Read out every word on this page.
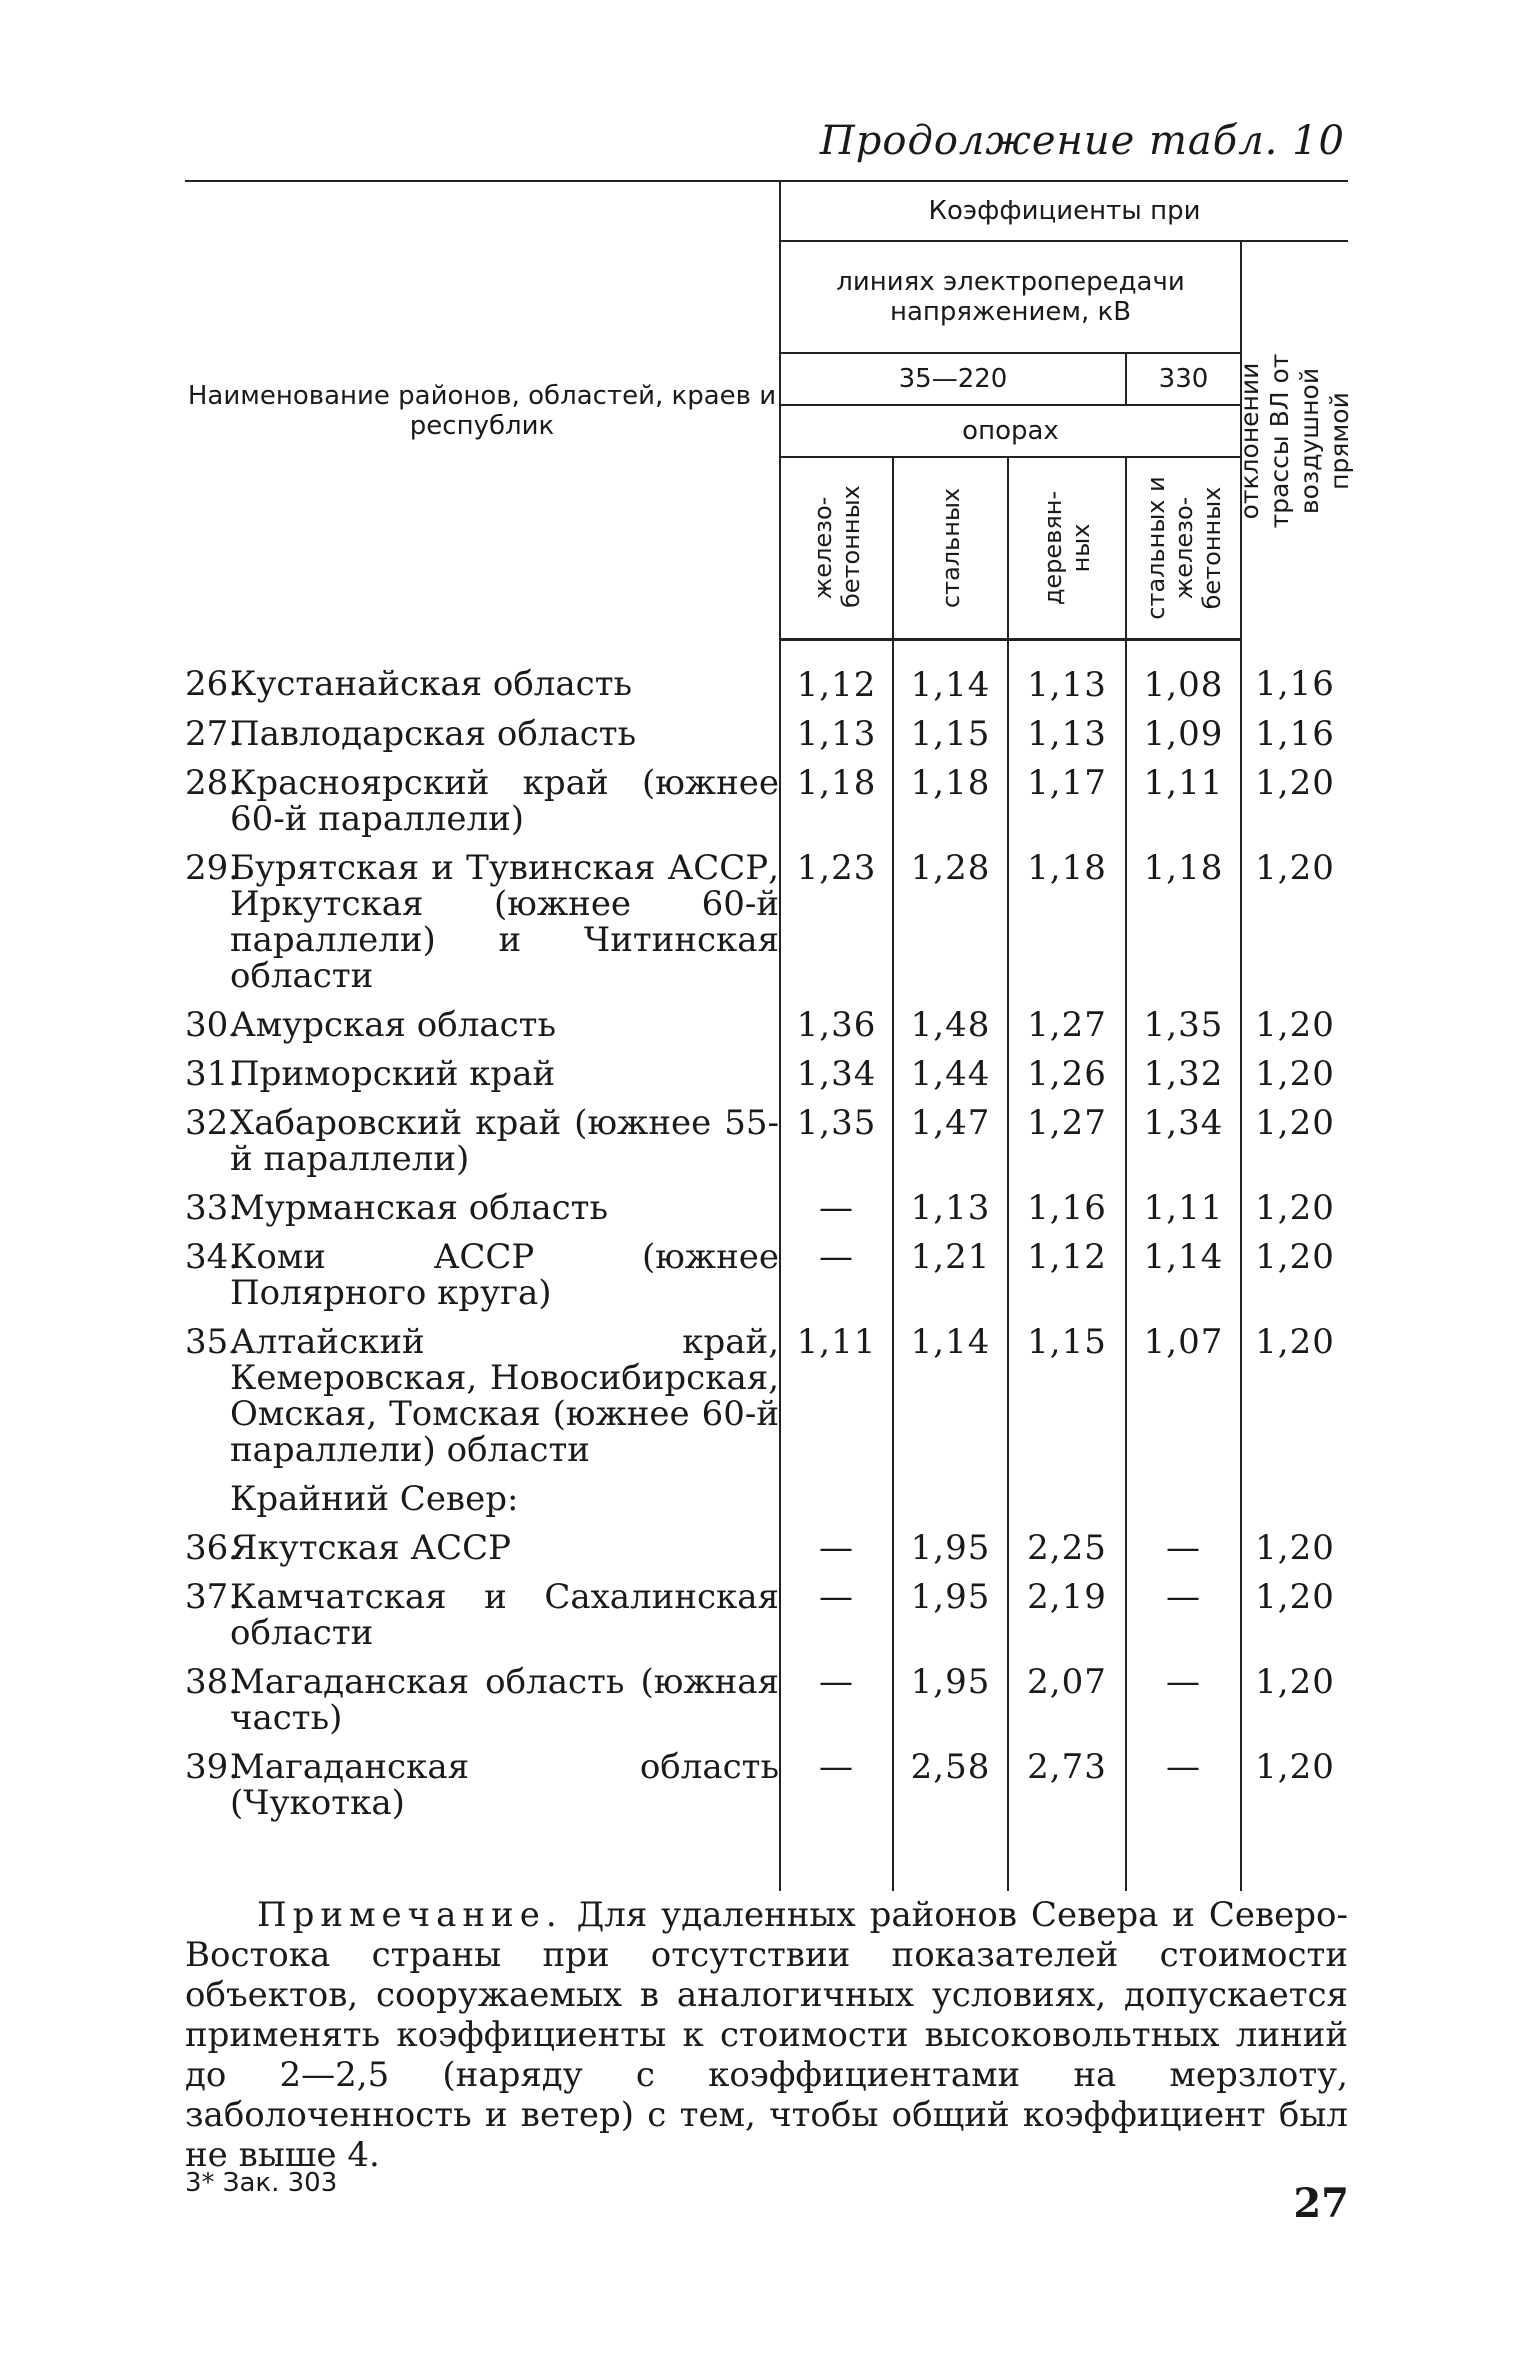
Продолжение табл. 10
Наименование районов, областей, краев и республик	Коэффициенты при				
	линиях электропередачи напряжением, кВ				отклонении трассы ВЛ от воздушной прямой

	35—220			330	
	опорах				

	железо-бетонных	стальных	деревян-ных	стальных и железо-бетонных	

26.
Кустанайская область	1,12	1,14	1,13	1,08	1,16

27.
Павлодарская область	1,13	1,15	1,13	1,09	1,16

28.
Красноярский край (южнее 60-й параллели)	1,18	1,18	1,17	1,11	1,20

29.
Бурятская и Тувинская АССР, Иркутская (южнее 60-й параллели) и Читинская области	1,23	1,28	1,18	1,18	1,20

30.
Амурская область	1,36	1,48	1,27	1,35	1,20

31.
Приморский край	1,34	1,44	1,26	1,32	1,20

32.
Хабаровский край (южнее 55-й параллели)	1,35	1,47	1,27	1,34	1,20

33.
Мурманская область	—	1,13	1,16	1,11	1,20

34.
Коми АССР (южнее Полярного круга)	—	1,21	1,12	1,14	1,20

35.
Алтайский край, Кемеровская, Новосибирская, Омская, Томская (южнее 60-й параллели) области	1,11	1,14	1,15	1,07	1,20

Крайний Север:					

36.
Якутская АССР	—	1,95	2,25	—	1,20

37.
Камчатская и Сахалинская области	—	1,95	2,19	—	1,20

38.
Магаданская область (южная часть)	—	1,95	2,07	—	1,20

39.
Магаданская область (Чукотка)	—	2,58	2,73	—	1,20
Примечание. Для удаленных районов Севера и Северо-Востока страны при отсутствии показателей стоимости объектов, сооружаемых в аналогичных условиях, допускается применять коэффициенты к стоимости высоковольтных линий до 2—2,5 (наряду с коэффициентами на мерзлоту, заболоченность и ветер) с тем, чтобы общий коэффициент был не выше 4.
3* Зак. 303	27
